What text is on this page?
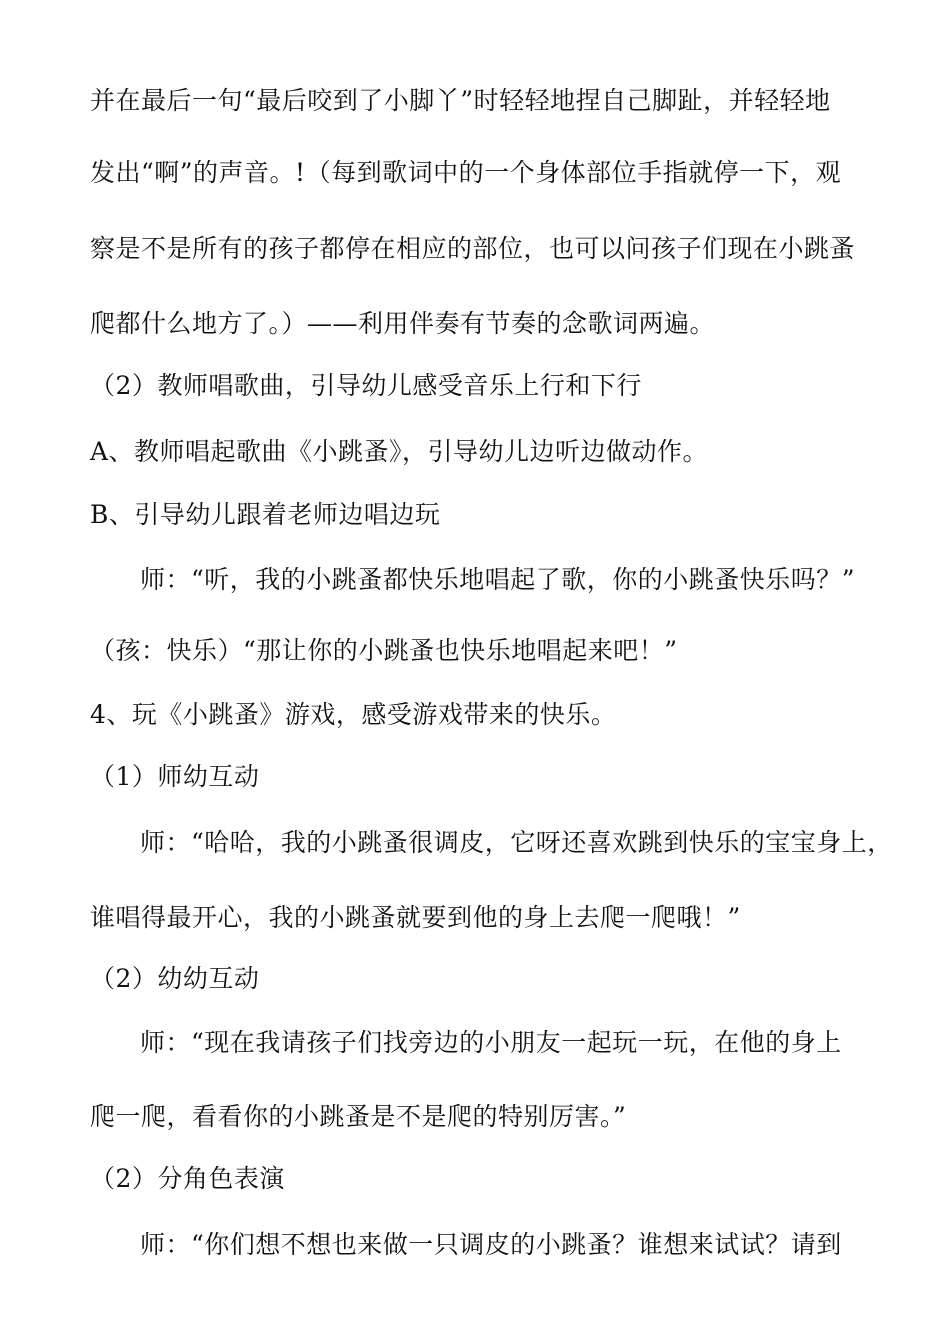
并在最后一句“最后咬到了小脚丫”时轻轻地捏自己脚趾，并轻轻地
发出“啊”的声音。!（每到歌词中的一个身体部位手指就停一下，观
察是不是所有的孩子都停在相应的部位，也可以问孩子们现在小跳蚤
爬都什么地方了。）——利用伴奏有节奏的念歌词两遍。
（2）教师唱歌曲，引导幼儿感受音乐上行和下行
A、教师唱起歌曲《小跳蚤》，引导幼儿边听边做动作。
B、引导幼儿跟着老师边唱边玩
师：“听，我的小跳蚤都快乐地唱起了歌，你的小跳蚤快乐吗？”
（孩：快乐）“那让你的小跳蚤也快乐地唱起来吧！”
4、玩《小跳蚤》游戏，感受游戏带来的快乐。
（1）师幼互动
师：“哈哈，我的小跳蚤很调皮，它呀还喜欢跳到快乐的宝宝身上，
谁唱得最开心，我的小跳蚤就要到他的身上去爬一爬哦！”
（2）幼幼互动
师：“现在我请孩子们找旁边的小朋友一起玩一玩，在他的身上
爬一爬，看看你的小跳蚤是不是爬的特别厉害。”
（2）分角色表演
师：“你们想不想也来做一只调皮的小跳蚤？谁想来试试？请到
